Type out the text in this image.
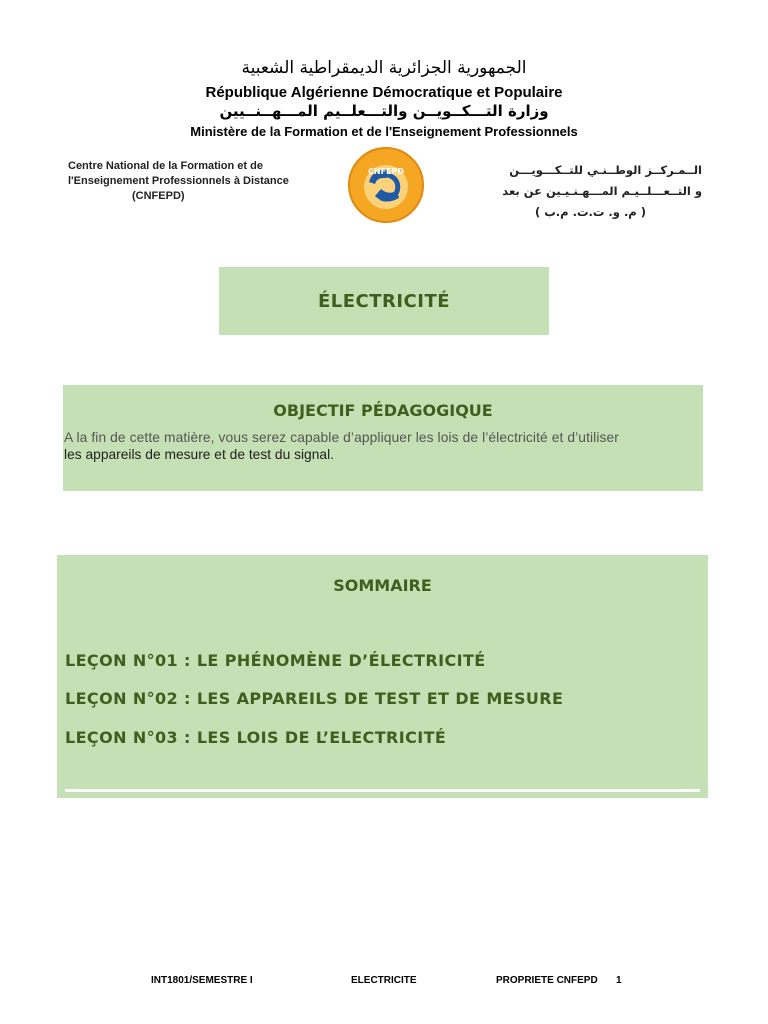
الجمهورية الجزائرية الديمقراطية الشعبية
République Algérienne Démocratique et Populaire
وزارة التـــكــويــن والتـــعلــيم المـــهــنــيين
Ministère de la Formation et de l'Enseignement Professionnels
Centre National de la Formation et de
l'Enseignement Professionnels à Distance
(CNFEPD)
CNFEPD	الــمـركــز الوطــنـي للتــكـــويـــن
و التــعـــلــيـم المـــهـنـيـين عن بعد
( م. و. ت.ت. م.ب )
ÉLECTRICITÉ
OBJECTIF PÉDAGOGIQUE
A la fin de cette matière, vous serez capable d’appliquer les lois de l’électricité et d’utiliser
les appareils de mesure et de test du signal.
SOMMAIRE
LEÇON N°01 : LE PHÉNOMÈNE D’ÉLECTRICITÉ
LEÇON N°02 : LES APPAREILS DE TEST ET DE MESURE
LEÇON N°03 : LES LOIS DE L’ELECTRICITÉ
INT1801/SEMESTRE I	ELECTRICITE	PROPRIETE CNFEPD 1
